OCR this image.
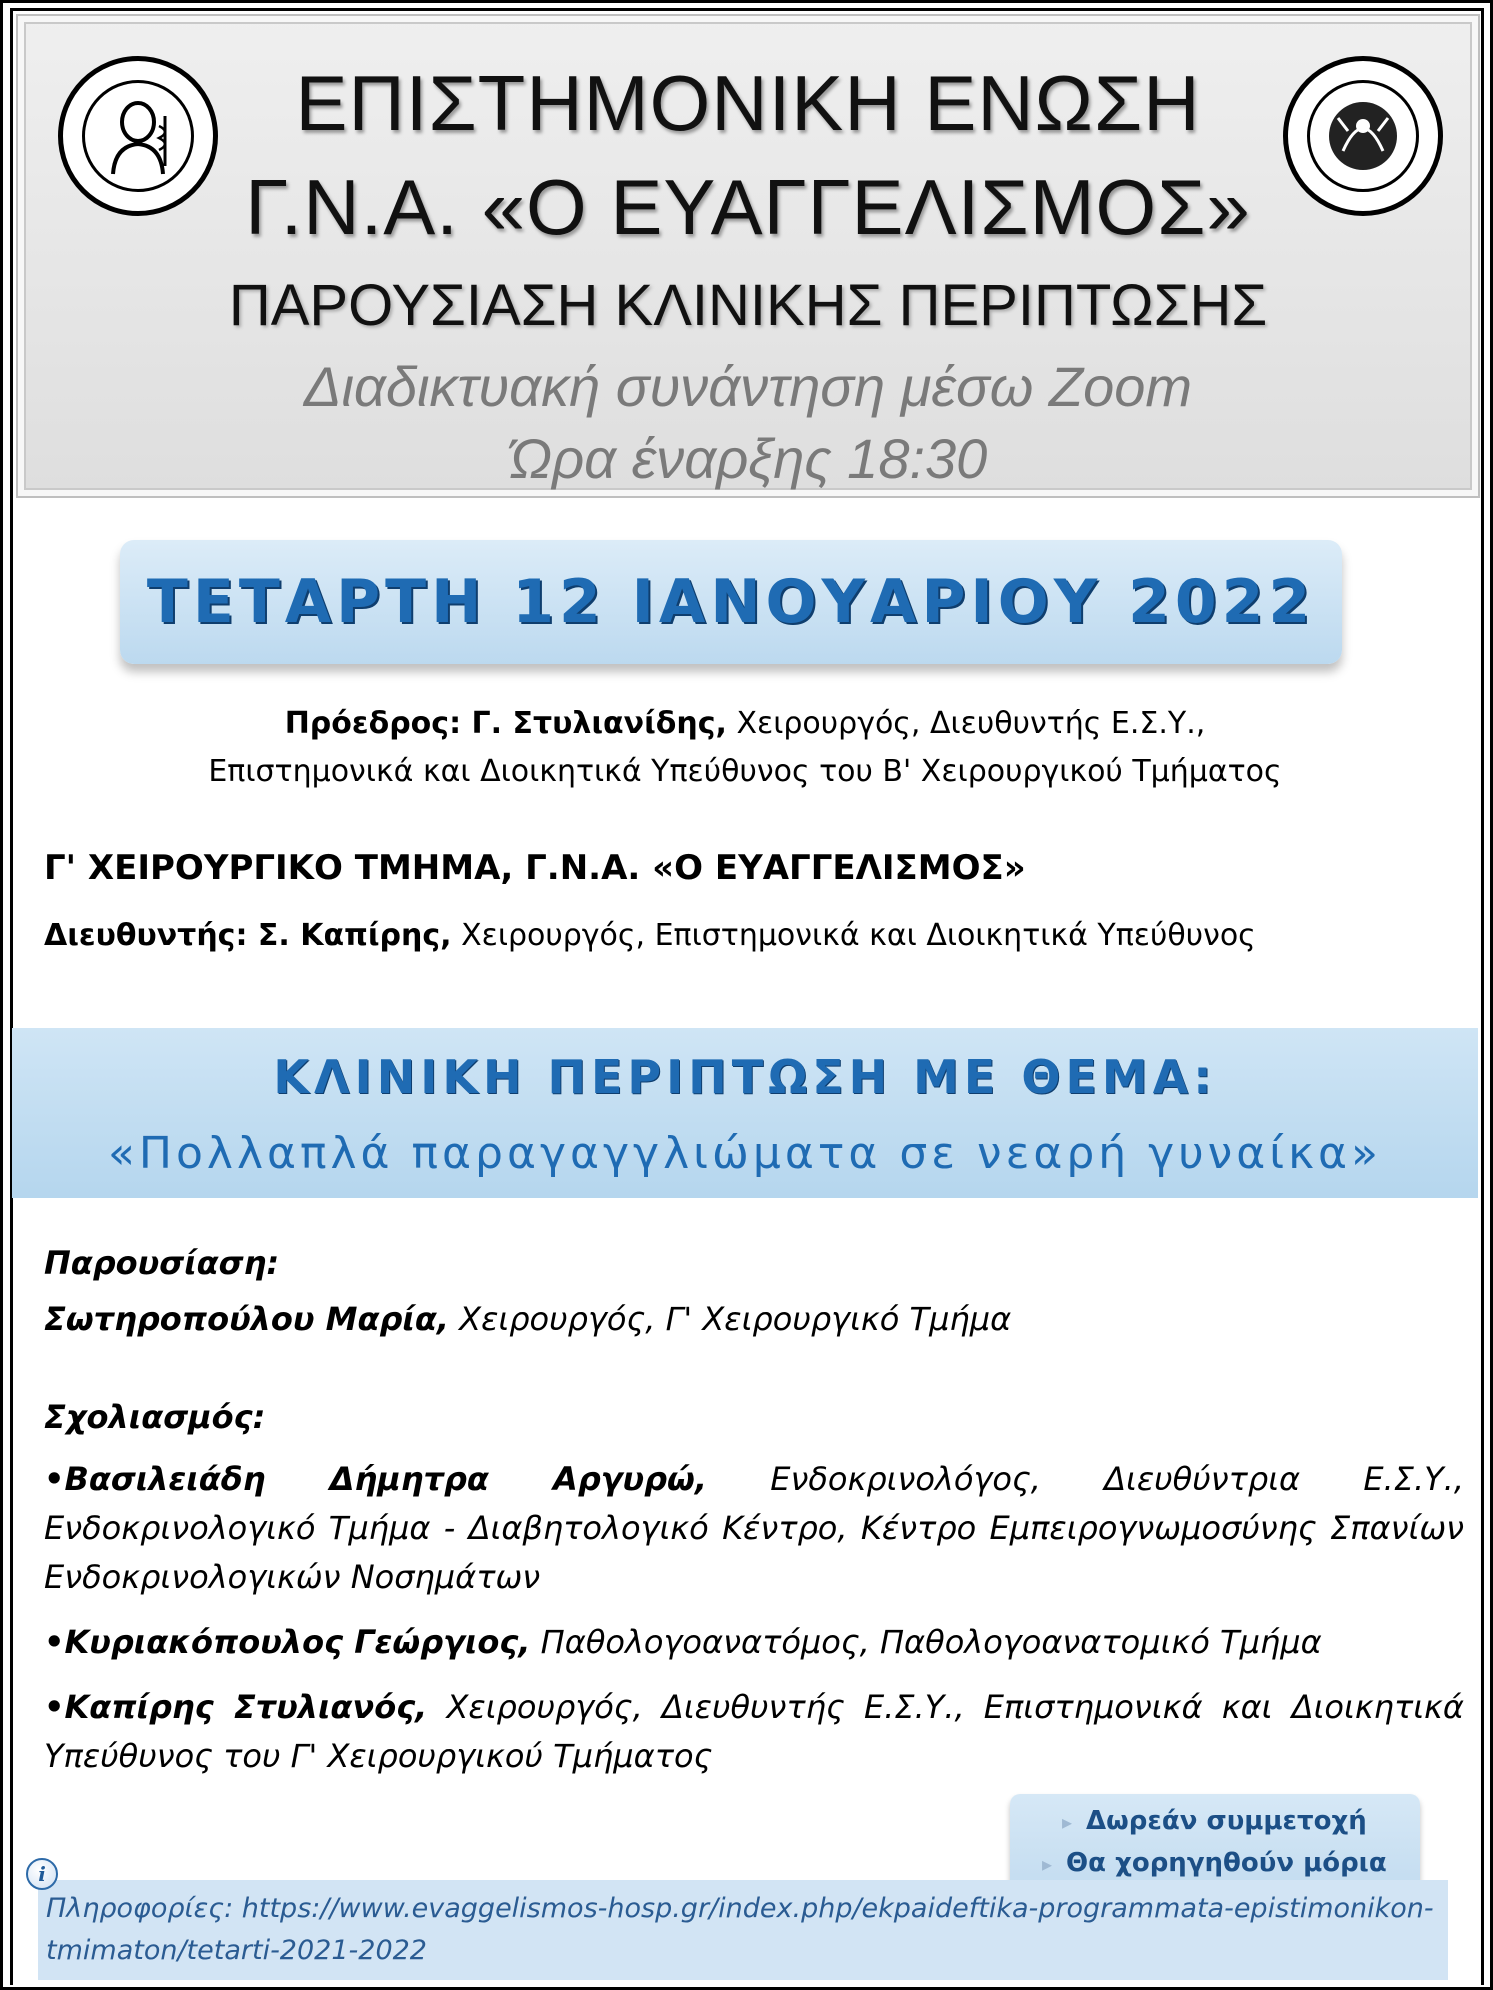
ΕΠΙΣΤΗΜΟΝΙΚΗ ΕΝΩΣΗ
Γ.Ν.Α. «Ο ΕΥΑΓΓΕΛΙΣΜΟΣ»
ΠΑΡΟΥΣΙΑΣΗ ΚΛΙΝΙΚΗΣ ΠΕΡΙΠΤΩΣΗΣ
Διαδικτυακή συνάντηση μέσω Zoom
Ώρα έναρξης 18:30
ΤΕΤΑΡΤΗ 12 ΙΑΝΟΥΑΡΙΟΥ 2022
Πρόεδρος: Γ. Στυλιανίδης, Χειρουργός, Διευθυντής Ε.Σ.Υ.,
Επιστημονικά και Διοικητικά Υπεύθυνος του Β' Χειρουργικού Τμήματος
Γ' ΧΕΙΡΟΥΡΓΙΚΟ ΤΜΗΜΑ, Γ.Ν.Α. «Ο ΕΥΑΓΓΕΛΙΣΜΟΣ»
Διευθυντής: Σ. Καπίρης, Χειρουργός, Επιστημονικά και Διοικητικά Υπεύθυνος
ΚΛΙΝΙΚΗ ΠΕΡΙΠΤΩΣΗ ΜΕ ΘΕΜΑ:
«Πολλαπλά παραγαγγλιώματα σε νεαρή γυναίκα»
Παρουσίαση:
Σωτηροπούλου Μαρία, Χειρουργός, Γ' Χειρουργικό Τμήμα
Σχολιασμός:
•Βασιλειάδη Δήμητρα Αργυρώ, Ενδοκρινολόγος, Διευθύντρια Ε.Σ.Υ., Ενδοκρινολογικό Τμήμα - Διαβητολογικό Κέντρο, Κέντρο Εμπειρογνωμοσύνης Σπανίων Ενδοκρινολογικών Νοσημάτων
•Κυριακόπουλος Γεώργιος, Παθολογοανατόμος, Παθολογοανατομικό Τμήμα
•Καπίρης Στυλιανός, Χειρουργός, Διευθυντής Ε.Σ.Υ., Επιστημονικά και Διοικητικά Υπεύθυνος του Γ' Χειρουργικού Τμήματος
▸ Δωρεάν συμμετοχή
▸ Θα χορηγηθούν μόρια
Πληροφορίες: https://www.evaggelismos-hosp.gr/index.php/ekpaideftika-programmata-epistimonikon-tmimaton/tetarti-2021-2022
i
